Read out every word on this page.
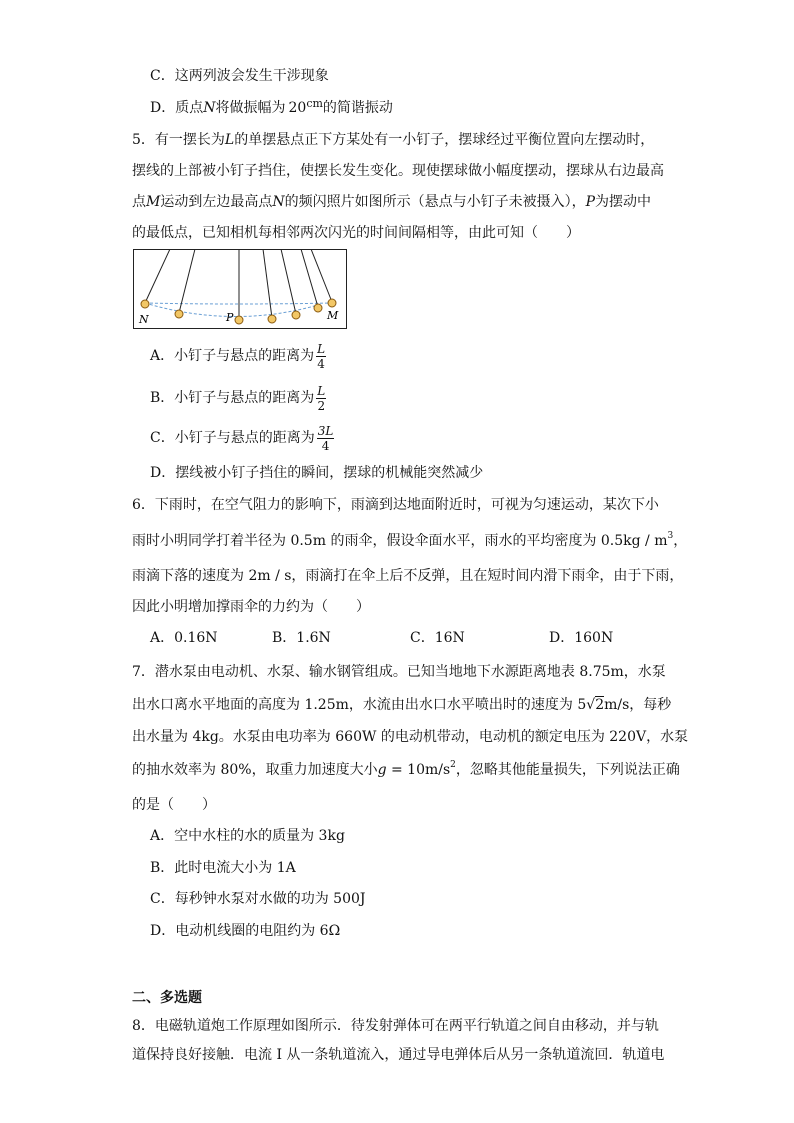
C．这两列波会发生干涉现象
D．质点N将做振幅为 $20^{cm}$的简谐振动
5．有一摆长为L的单摆悬点正下方某处有一小钉子，摆球经过平衡位置向左摆动时，
摆线的上部被小钉子挡住，使摆长发生变化。现使摆球做小幅度摆动，摆球从右边最高
点M运动到左边最高点N的频闪照片如图所示（悬点与小钉子未被摄入），P为摆动中
的最低点，已知相机每相邻两次闪光的时间间隔相等，由此可知（　　）
N	P	M
A．小钉子与悬点的距离为 $\frac{L}{4}$
B．小钉子与悬点的距离为 $\frac{L}{2}$
C．小钉子与悬点的距离为 $\frac{3L}{4}$
D．摆线被小钉子挡住的瞬间，摆球的机械能突然减少
6．下雨时，在空气阻力的影响下，雨滴到达地面附近时，可视为匀速运动，某次下小
雨时小明同学打着半径为 0.5m 的雨伞，假设伞面水平，雨水的平均密度为 $0.5kg / m^3$，
雨滴下落的速度为 2m / s，雨滴打在伞上后不反弹，且在短时间内滑下雨伞，由于下雨，
因此小明增加撑雨伞的力约为（　　）
A．0.16N	B．1.6N	C．16N	D．160N
7．潜水泵由电动机、水泵、输水钢管组成。已知当地地下水源距离地表 8.75m，水泵
出水口离水平地面的高度为 1.25m，水流由出水口水平喷出时的速度为 5√2m/s，每秒
出水量为 4kg。水泵由电功率为 660W 的电动机带动，电动机的额定电压为 220V，水泵
的抽水效率为 80%，取重力加速度大小$g = 10m/s^2$，忽略其他能量损失，下列说法正确
的是（　　）
A．空中水柱的水的质量为 3kg
B．此时电流大小为 1A
C．每秒钟水泵对水做的功为 500J
D．电动机线圈的电阻约为 6Ω
二、多选题
8．电磁轨道炮工作原理如图所示．待发射弹体可在两平行轨道之间自由移动，并与轨
道保持良好接触．电流 I 从一条轨道流入，通过导电弹体后从另一条轨道流回．轨道电
